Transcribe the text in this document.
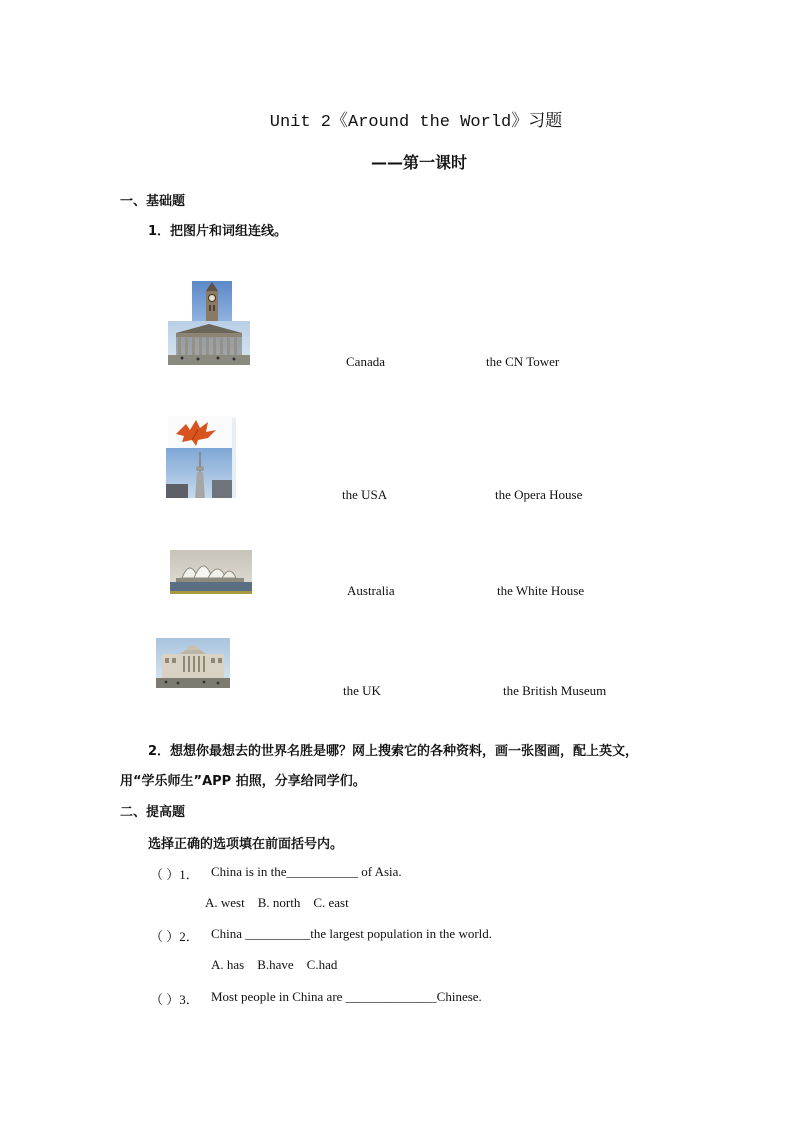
Unit 2《Around the World》习题
——第一课时
一、基础题
1．把图片和词组连线。
Canada	the CN Tower
the USA	the Opera House
Australia	the White House
the UK	the British Museum
2．想想你最想去的世界名胜是哪？网上搜索它的各种资料，画一张图画，配上英文，
用“学乐师生”APP 拍照，分享给同学们。
二、提高题
选择正确的选项填在前面括号内。
（ ）1． China is in the___________ of Asia.
A. west    B. north    C. east
（ ）2． China __________the largest population in the world.
A. has    B.have    C.had
（ ）3． Most people in China are ______________Chinese.
